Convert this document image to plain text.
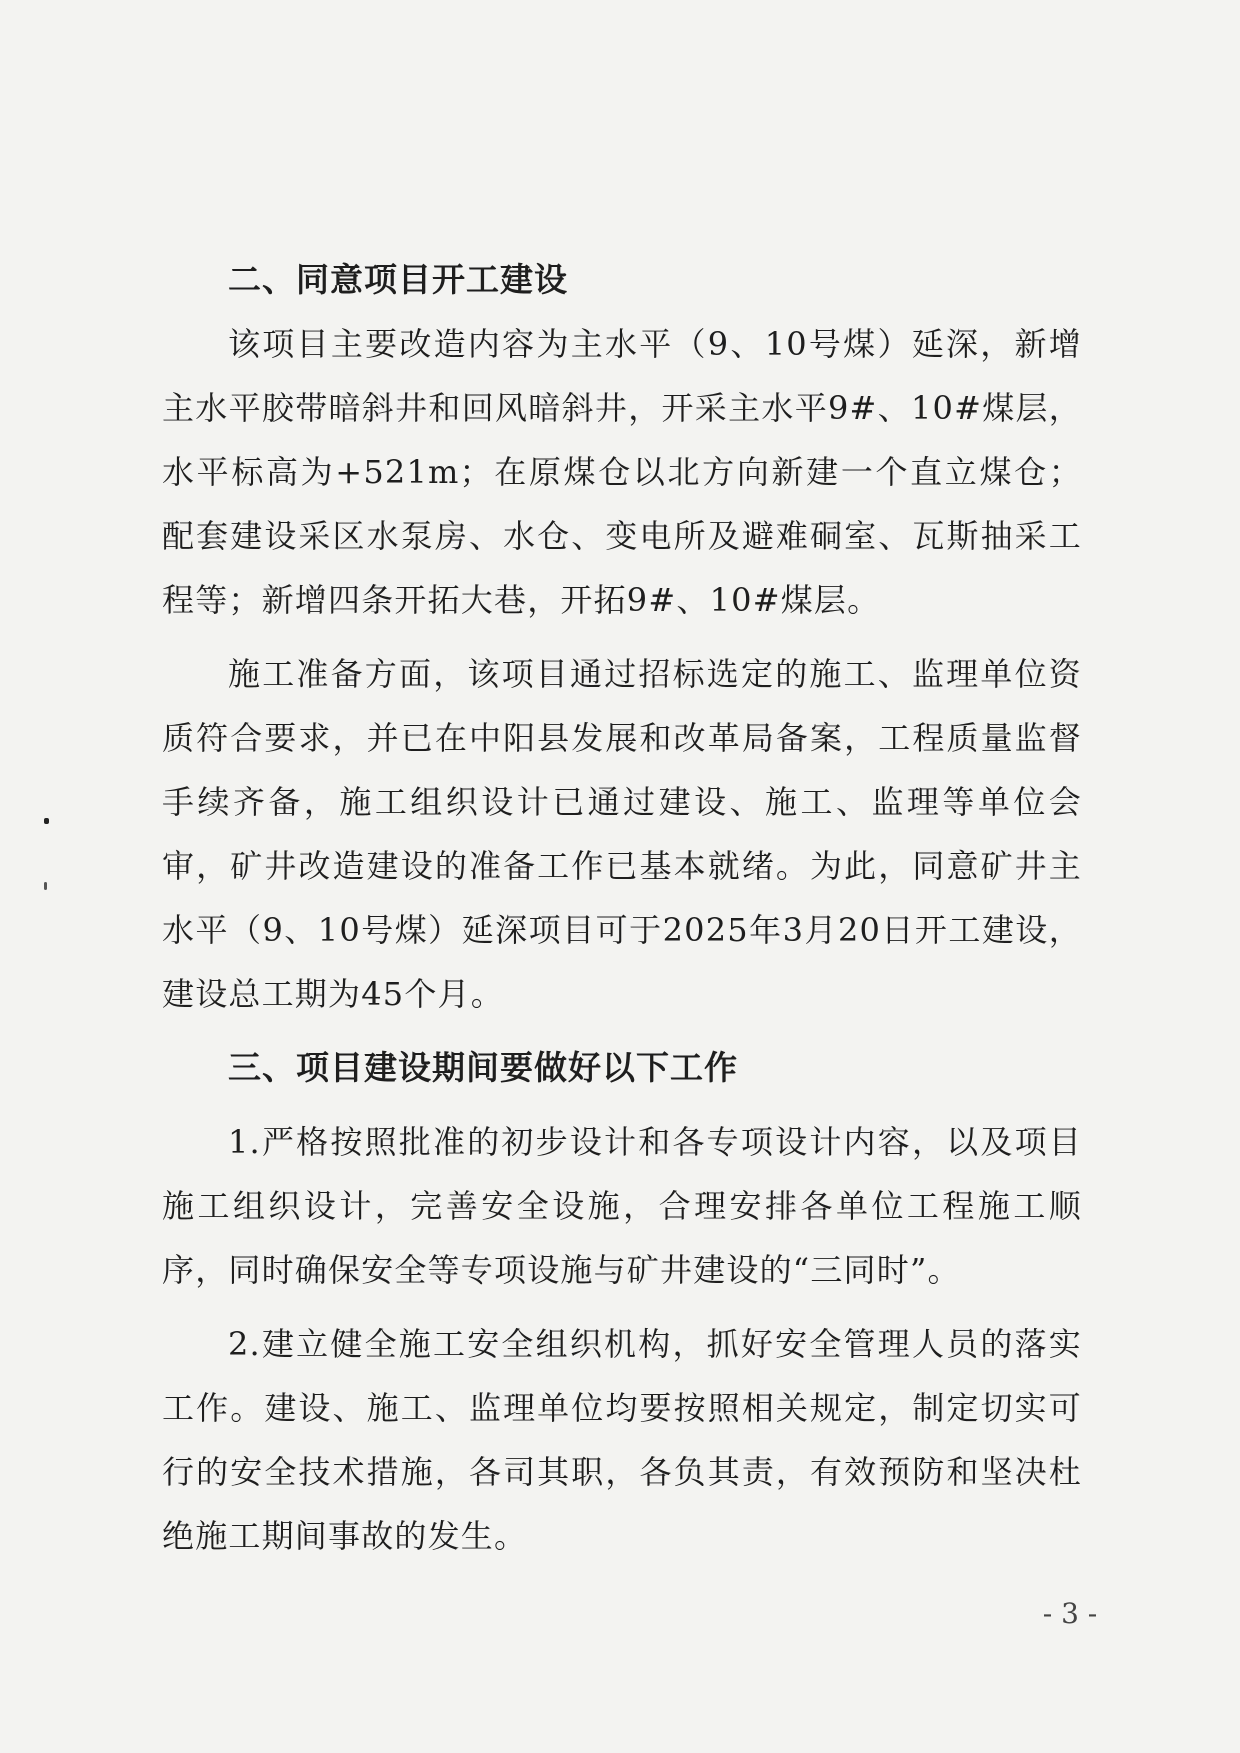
二、同意项目开工建设

该项目主要改造内容为主水平（9、10号煤）延深，新增主水平胶带暗斜井和回风暗斜井，开采主水平9#、10#煤层，水平标高为+521m；在原煤仓以北方向新建一个直立煤仓；配套建设采区水泵房、水仓、变电所及避难硐室、瓦斯抽采工程等；新增四条开拓大巷，开拓9#、10#煤层。

施工准备方面，该项目通过招标选定的施工、监理单位资质符合要求，并已在中阳县发展和改革局备案，工程质量监督手续齐备，施工组织设计已通过建设、施工、监理等单位会审，矿井改造建设的准备工作已基本就绪。为此，同意矿井主水平（9、10号煤）延深项目可于2025年3月20日开工建设，建设总工期为45个月。

三、项目建设期间要做好以下工作

1.严格按照批准的初步设计和各专项设计内容，以及项目施工组织设计，完善安全设施，合理安排各单位工程施工顺序，同时确保安全等专项设施与矿井建设的“三同时”。

2.建立健全施工安全组织机构，抓好安全管理人员的落实工作。建设、施工、监理单位均要按照相关规定，制定切实可行的安全技术措施，各司其职，各负其责，有效预防和坚决杜绝施工期间事故的发生。

- 3 -
